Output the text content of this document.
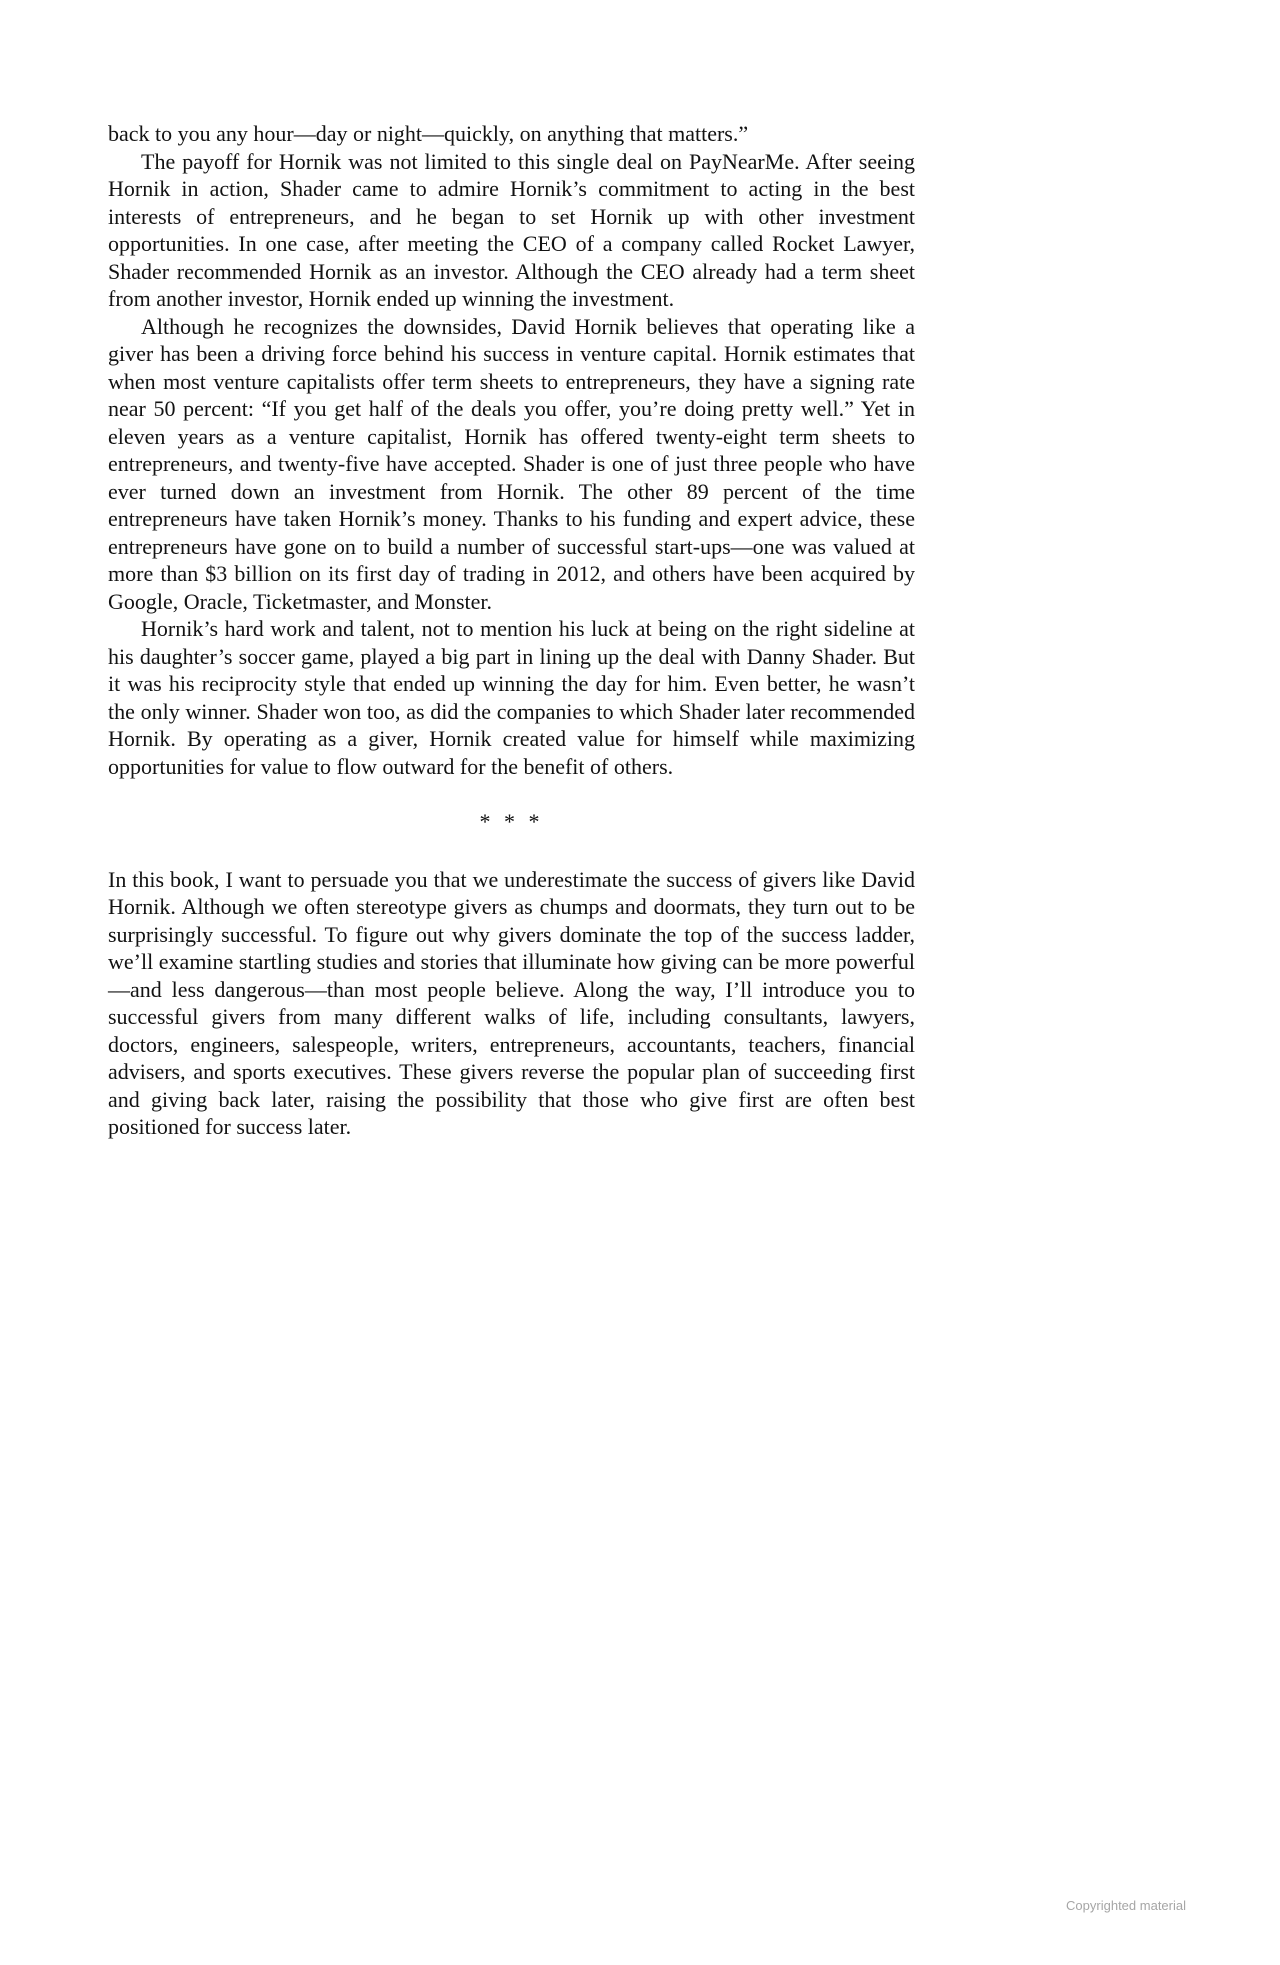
back to you any hour—day or night—quickly, on anything that matters.”

The payoff for Hornik was not limited to this single deal on PayNearMe. After seeing Hornik in action, Shader came to admire Hornik’s commitment to acting in the best interests of entrepreneurs, and he began to set Hornik up with other investment opportunities. In one case, after meeting the CEO of a company called Rocket Lawyer, Shader recommended Hornik as an investor. Although the CEO already had a term sheet from another investor, Hornik ended up winning the investment.

Although he recognizes the downsides, David Hornik believes that operating like a giver has been a driving force behind his success in venture capital. Hornik estimates that when most venture capitalists offer term sheets to entrepreneurs, they have a signing rate near 50 percent: “If you get half of the deals you offer, you’re doing pretty well.” Yet in eleven years as a venture capitalist, Hornik has offered twenty-eight term sheets to entrepreneurs, and twenty-five have accepted. Shader is one of just three people who have ever turned down an investment from Hornik. The other 89 percent of the time entrepreneurs have taken Hornik’s money. Thanks to his funding and expert advice, these entrepreneurs have gone on to build a number of successful start-ups—one was valued at more than $3 billion on its first day of trading in 2012, and others have been acquired by Google, Oracle, Ticketmaster, and Monster.

Hornik’s hard work and talent, not to mention his luck at being on the right sideline at his daughter’s soccer game, played a big part in lining up the deal with Danny Shader. But it was his reciprocity style that ended up winning the day for him. Even better, he wasn’t the only winner. Shader won too, as did the companies to which Shader later recommended Hornik. By operating as a giver, Hornik created value for himself while maximizing opportunities for value to flow outward for the benefit of others.

* * *

In this book, I want to persuade you that we underestimate the success of givers like David Hornik. Although we often stereotype givers as chumps and doormats, they turn out to be surprisingly successful. To figure out why givers dominate the top of the success ladder, we’ll examine startling studies and stories that illuminate how giving can be more powerful—and less dangerous—than most people believe. Along the way, I’ll introduce you to successful givers from many different walks of life, including consultants, lawyers, doctors, engineers, salespeople, writers, entrepreneurs, accountants, teachers, financial advisers, and sports executives. These givers reverse the popular plan of succeeding first and giving back later, raising the possibility that those who give first are often best positioned for success later.

Copyrighted material
